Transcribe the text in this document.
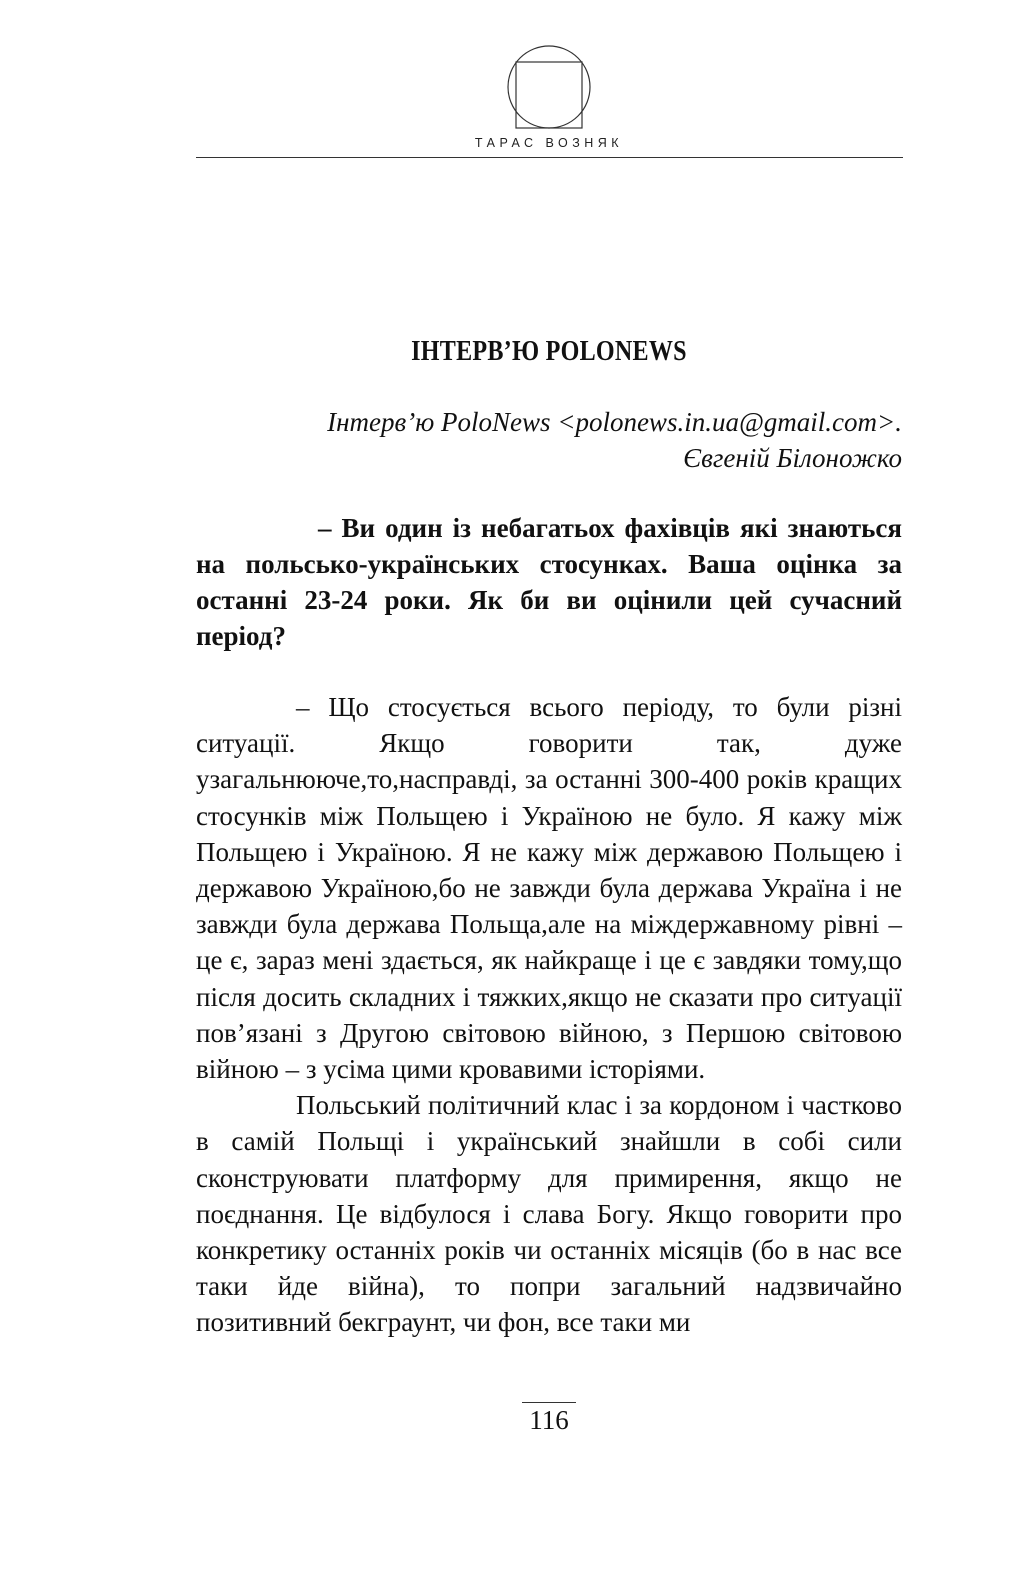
ТАРАС ВОЗНЯК
ІНТЕРВ’Ю POLONEWS
Інтерв’ю PoloNews <polonews.in.ua@gmail.com>.
Євгеній Білоножко

– Ви один із небагатьох фахівців які знаються на польсько-українських стосунках. Ваша оцінка за останні 23-24 роки. Як би ви оцінили цей сучасний період?

– Що стосується всього періоду, то були різні ситуації. Якщо говорити так, дуже узагальнююче,то,насправді, за останні 300-400 років кращих стосунків між Польщею і Україною не було. Я кажу між Польщею і Україною. Я не кажу між державою Польщею і державою Україною,бо не завжди була держава Україна і не завжди була держава Польща,але на міждержавному рівні – це є, зараз мені здається, як найкраще і це є завдяки тому,що після досить складних і тяжких,якщо не сказати про ситуації пов’язані з Другою світовою війною, з Першою світовою війною – з усіма цими кровавими історіями.

Польський політичний клас і за кордоном і частково в самій Польщі і український знайшли в собі сили сконструювати платформу для примирення, якщо не поєднання. Це відбулося і слава Богу. Якщо говорити про конкретику останніх років чи останніх місяців (бо в нас все таки йде війна), то попри загальний надзвичайно позитивний бекграунт, чи фон, все таки ми

116
